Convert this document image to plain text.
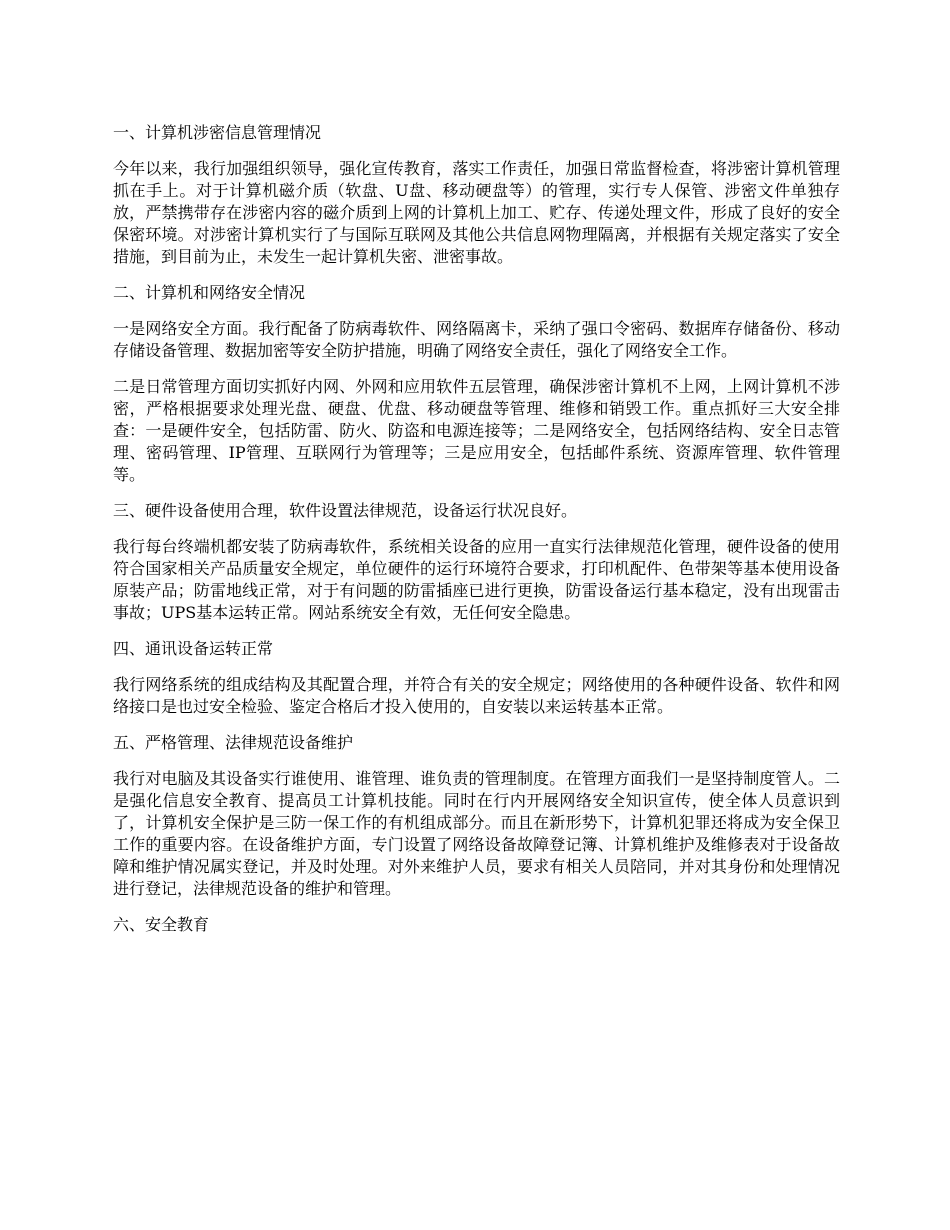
一、计算机涉密信息管理情况

今年以来，我行加强组织领导，强化宣传教育，落实工作责任，加强日常监督检查，将涉密计算机管理抓在手上。对于计算机磁介质（软盘、U盘、移动硬盘等）的管理，实行专人保管、涉密文件单独存放，严禁携带存在涉密内容的磁介质到上网的计算机上加工、贮存、传递处理文件，形成了良好的安全保密环境。对涉密计算机实行了与国际互联网及其他公共信息网物理隔离，并根据有关规定落实了安全措施，到目前为止，未发生一起计算机失密、泄密事故。

二、计算机和网络安全情况

一是网络安全方面。我行配备了防病毒软件、网络隔离卡，采纳了强口令密码、数据库存储备份、移动存储设备管理、数据加密等安全防护措施，明确了网络安全责任，强化了网络安全工作。

二是日常管理方面切实抓好内网、外网和应用软件五层管理，确保涉密计算机不上网，上网计算机不涉密，严格根据要求处理光盘、硬盘、优盘、移动硬盘等管理、维修和销毁工作。重点抓好三大安全排查：一是硬件安全，包括防雷、防火、防盗和电源连接等；二是网络安全，包括网络结构、安全日志管理、密码管理、IP管理、互联网行为管理等；三是应用安全，包括邮件系统、资源库管理、软件管理等。

三、硬件设备使用合理，软件设置法律规范，设备运行状况良好。

我行每台终端机都安装了防病毒软件，系统相关设备的应用一直实行法律规范化管理，硬件设备的使用符合国家相关产品质量安全规定，单位硬件的运行环境符合要求，打印机配件、色带架等基本使用设备原装产品；防雷地线正常，对于有问题的防雷插座已进行更换，防雷设备运行基本稳定，没有出现雷击事故；UPS基本运转正常。网站系统安全有效，无任何安全隐患。

四、通讯设备运转正常

我行网络系统的组成结构及其配置合理，并符合有关的安全规定；网络使用的各种硬件设备、软件和网络接口是也过安全检验、鉴定合格后才投入使用的，自安装以来运转基本正常。

五、严格管理、法律规范设备维护

我行对电脑及其设备实行谁使用、谁管理、谁负责的管理制度。在管理方面我们一是坚持制度管人。二是强化信息安全教育、提高员工计算机技能。同时在行内开展网络安全知识宣传，使全体人员意识到了，计算机安全保护是三防一保工作的有机组成部分。而且在新形势下，计算机犯罪还将成为安全保卫工作的重要内容。在设备维护方面，专门设置了网络设备故障登记簿、计算机维护及维修表对于设备故障和维护情况属实登记，并及时处理。对外来维护人员，要求有相关人员陪同，并对其身份和处理情况进行登记，法律规范设备的维护和管理。

六、安全教育
